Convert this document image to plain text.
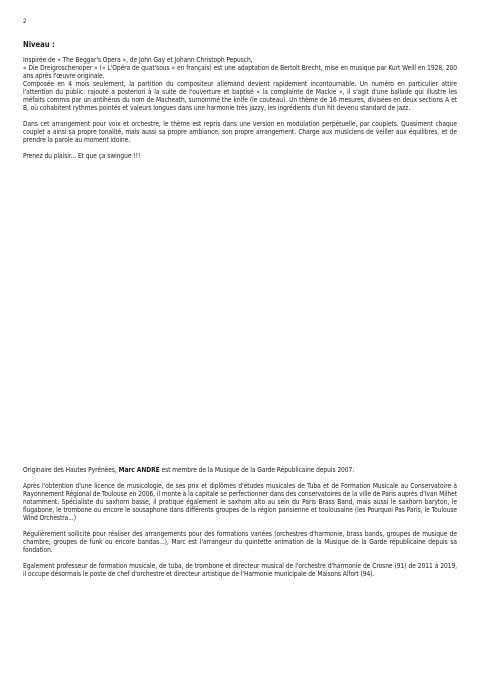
2
Niveau :

Inspirée de « The Beggar's Opera », de John Gay et Johann Christoph Pepusch,

« Die Dreigroschenoper » (« L'Opéra de quat'sous » en français) est une adaptation de Bertolt Brecht, mise en musique par Kurt Weill en 1928, 200 ans après l'œuvre originale.

Composée en 4 mois seulement, la partition du compositeur allemand devient rapidement incontournable. Un numéro en particulier attire l'attention du public: rajouté a posteriori à la suite de l'ouverture et baptisé « la complainte de Mackie », il s'agit d'une ballade qui illustre les méfaits commis par un antihéros du nom de Macheath, surnommé the knife (le couteau). Un thème de 16 mesures, divisées en deux sections A et B, où cohabitent rythmes pointés et valeurs longues dans une harmonie très jazzy, les ingrédients d'un hit devenu standard de jazz.

Dans cet arrangement pour voix et orchestre, le thème est repris dans une version en modulation perpétuelle, par couplets. Quasiment chaque couplet a ainsi sa propre tonalité, mais aussi sa propre ambiance, son propre arrangement. Charge aux musiciens de veiller aux équilibres, et de prendre la parole au moment idoine.

Prenez du plaisir... Et que ça swingue !!!

Originaire des Hautes Pyrénées, Marc ANDRE est membre de la Musique de la Garde Républicaine depuis 2007.

Après l'obtention d'une licence de musicologie, de ses prix et diplômes d'études musicales de Tuba et de Formation Musicale au Conservatoire à Rayonnement Régional de Toulouse en 2006, il monte à la capitale se perfectionner dans des conservatoires de la ville de Paris auprès d'Ivan Milhet notamment. Spécialiste du saxhorn basse, il pratique également le saxhorn alto au sein du Paris Brass Band, mais aussi le saxhorn baryton, le flugabone, le trombone ou encore le sousaphone dans différents groupes de la région parisienne et toulousaine (les Pourquoi Pas Paris, le Toulouse Wind Orchestra...)

Régulièrement sollicité pour réaliser des arrangements pour des formations variées (orchestres d'harmonie, brass bands, groupes de musique de chambre, groupes de funk ou encore bandas...), Marc est l'arrangeur du quintette animation de la Musique de la Garde républicaine depuis sa fondation.

Egalement professeur de formation musicale, de tuba, de trombone et directeur musical de l'orchestre d'harmonie de Crosne (91) de 2011 à 2019, il occupe désormais le poste de chef d'orchestre et directeur artistique de l'Harmonie municipale de Maisons Alfort (94).
